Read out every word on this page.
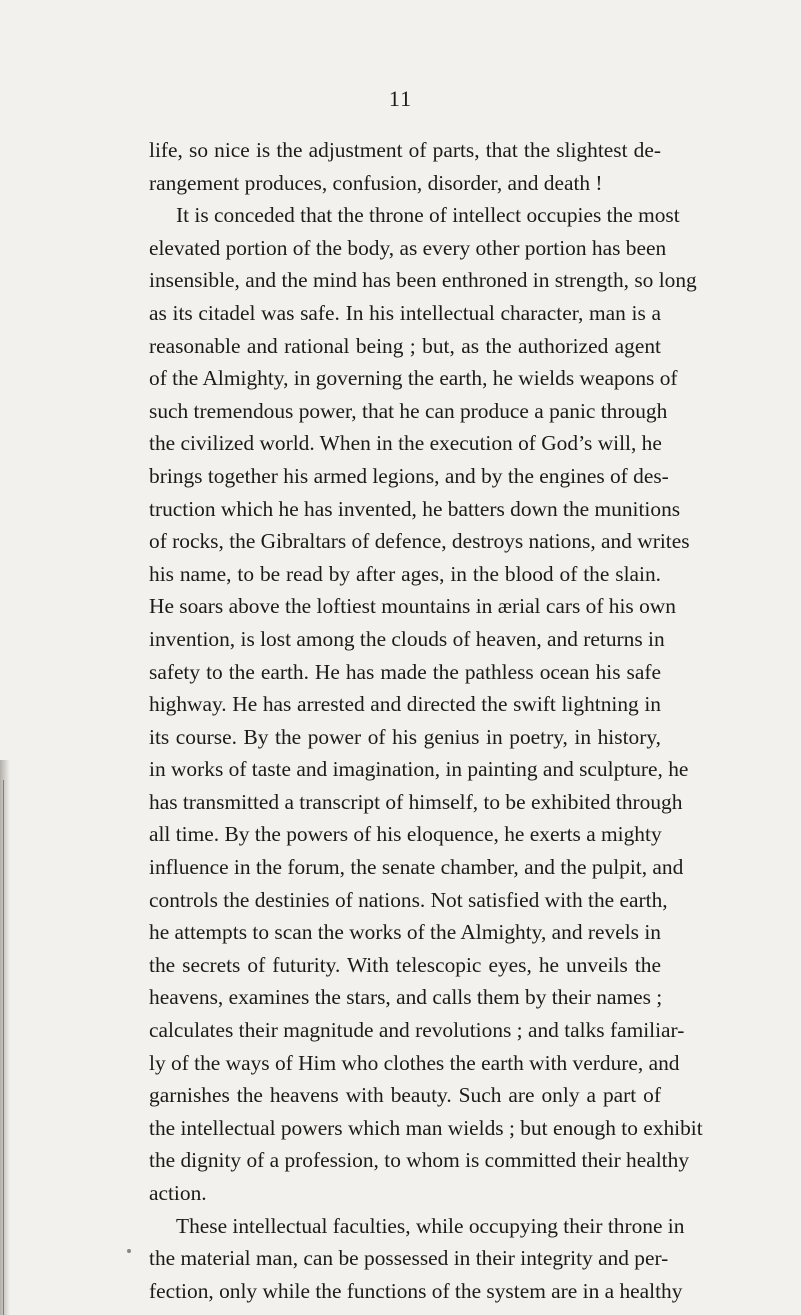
11
life, so nice is the adjustment of parts, that the slightest de-
rangement produces, confusion, disorder, and death !
It is conceded that the throne of intellect occupies the most
elevated portion of the body, as every other portion has been
insensible, and the mind has been enthroned in strength, so long
as its citadel was safe. In his intellectual character, man is a
reasonable and rational being ; but, as the authorized agent
of the Almighty, in governing the earth, he wields weapons of
such tremendous power, that he can produce a panic through
the civilized world. When in the execution of God’s will, he
brings together his armed legions, and by the engines of des-
truction which he has invented, he batters down the munitions
of rocks, the Gibraltars of defence, destroys nations, and writes
his name, to be read by after ages, in the blood of the slain.
He soars above the loftiest mountains in ærial cars of his own
invention, is lost among the clouds of heaven, and returns in
safety to the earth. He has made the pathless ocean his safe
highway. He has arrested and directed the swift lightning in
its course. By the power of his genius in poetry, in history,
in works of taste and imagination, in painting and sculpture, he
has transmitted a transcript of himself, to be exhibited through
all time. By the powers of his eloquence, he exerts a mighty
influence in the forum, the senate chamber, and the pulpit, and
controls the destinies of nations. Not satisfied with the earth,
he attempts to scan the works of the Almighty, and revels in
the secrets of futurity. With telescopic eyes, he unveils the
heavens, examines the stars, and calls them by their names ;
calculates their magnitude and revolutions ; and talks familiar-
ly of the ways of Him who clothes the earth with verdure, and
garnishes the heavens with beauty. Such are only a part of
the intellectual powers which man wields ; but enough to exhibit
the dignity of a profession, to whom is committed their healthy
action.
These intellectual faculties, while occupying their throne in
the material man, can be possessed in their integrity and per-
fection, only while the functions of the system are in a healthy
